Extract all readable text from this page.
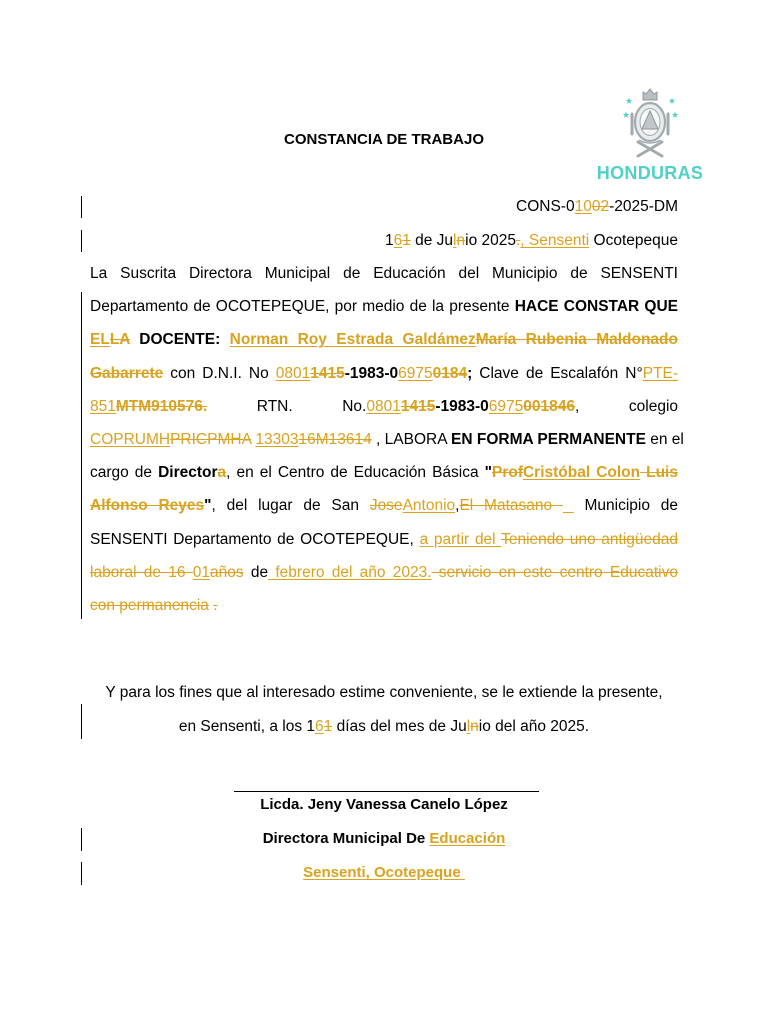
HONDURAS
CONSTANCIA DE TRABAJO
CONS-01002-2025-DM
161 de Julnio 2025., Sensenti Ocotepeque
La Suscrita Directora Municipal de Educación del Municipio de SENSENTI
Departamento de OCOTEPEQUE, por medio de la presente HACE CONSTAR QUE
ELLA DOCENTE: Norman Roy Estrada GaldámezMaría Rubenia Maldonado
Gabarrete con D.N.I. No 08011415-1983-069750184; Clave de Escalafón N°PTE-
851MTM910576. RTN. No.08011415-1983-06975001846, colegio
COPRUMHPRICPMHA 1330316M13614 , LABORA EN FORMA PERMANENTE en el
cargo de Directora, en el Centro de Educación Básica "ProfCristóbal Colon Luis
Alfonso Reyes", del lugar de San JoseAntonio,El Matasano   Municipio de
SENSENTI Departamento de OCOTEPEQUE, a partir del Teniendo uno antigüedad
laboral de 16 01años de febrero del año 2023. servicio en este centro Educativo
con permanencia .
Y para los fines que al interesado estime conveniente, se le extiende la presente,
en Sensenti, a los 161 días del mes de Julnio del año 2025.
Licda. Jeny Vanessa Canelo López
Directora Municipal De Educación
Sensenti, Ocotepeque
